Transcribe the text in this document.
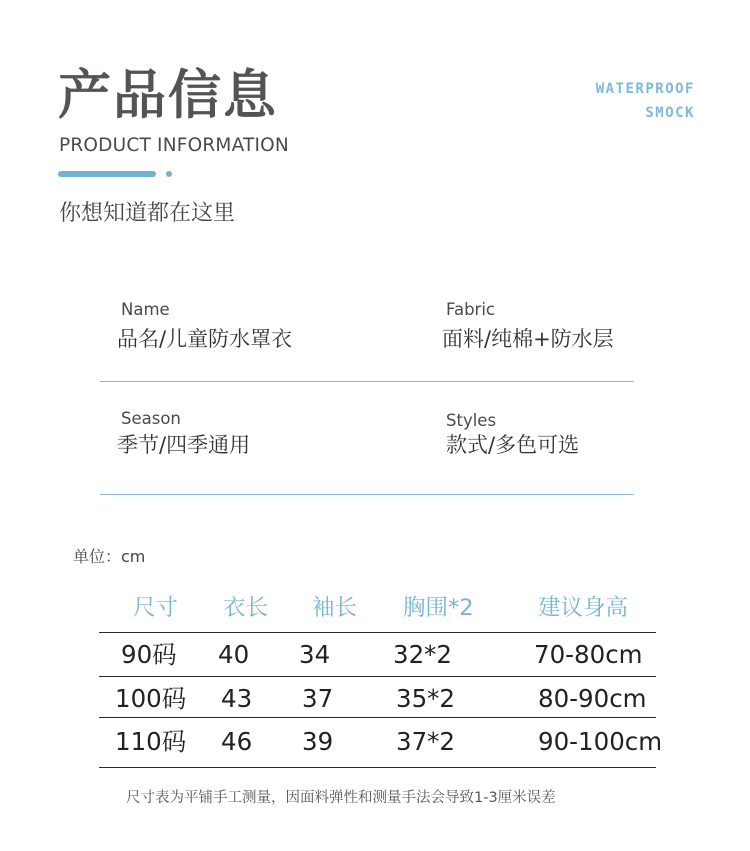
产品信息
PRODUCT INFORMATION
你想知道都在这里
WATERPROOF
SMOCK
Name
品名/儿童防水罩衣
Fabric
面料/纯棉+防水层
Season
季节/四季通用
Styles
款式/多色可选
单位：cm
尺寸 衣长 袖长 胸围*2	建议身高
90码 40 34	32*2	70-80cm
100码 43 37	35*2	80-90cm
110码 46 39	37*2	90-100cm
尺寸表为平铺手工测量，因面料弹性和测量手法会导致1-3厘米误差
